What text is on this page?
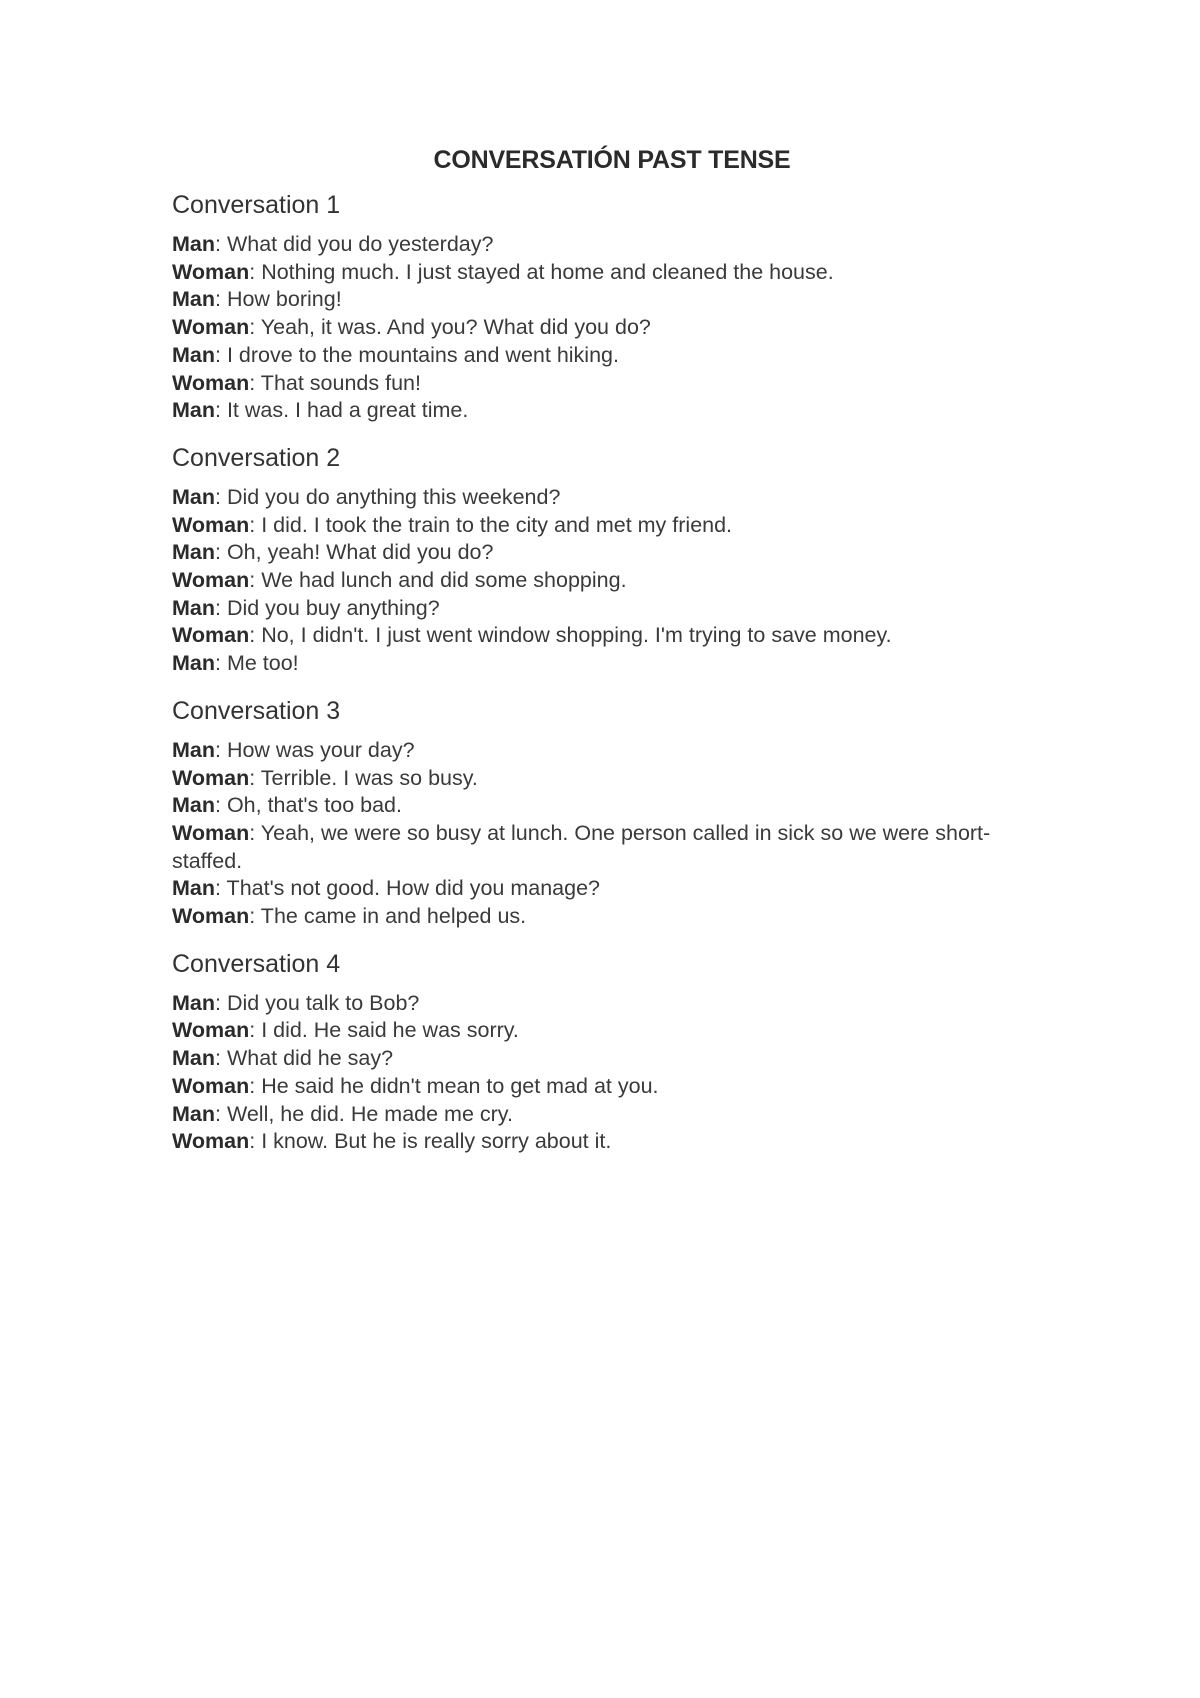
CONVERSATIÓN PAST TENSE
Conversation 1

Man: What did you do yesterday?

Woman: Nothing much. I just stayed at home and cleaned the house.

Man: How boring!

Woman: Yeah, it was. And you? What did you do?

Man: I drove to the mountains and went hiking.

Woman: That sounds fun!

Man: It was. I had a great time.

Conversation 2

Man: Did you do anything this weekend?

Woman: I did. I took the train to the city and met my friend.

Man: Oh, yeah! What did you do?

Woman: We had lunch and did some shopping.

Man: Did you buy anything?

Woman: No, I didn't. I just went window shopping. I'm trying to save money.

Man: Me too!

Conversation 3

Man: How was your day?

Woman: Terrible. I was so busy.

Man: Oh, that's too bad.

Woman: Yeah, we were so busy at lunch. One person called in sick so we were short-staffed.

Man: That's not good. How did you manage?

Woman: The came in and helped us.

Conversation 4

Man: Did you talk to Bob?

Woman: I did. He said he was sorry.

Man: What did he say?

Woman: He said he didn't mean to get mad at you.

Man: Well, he did. He made me cry.

Woman: I know. But he is really sorry about it.
